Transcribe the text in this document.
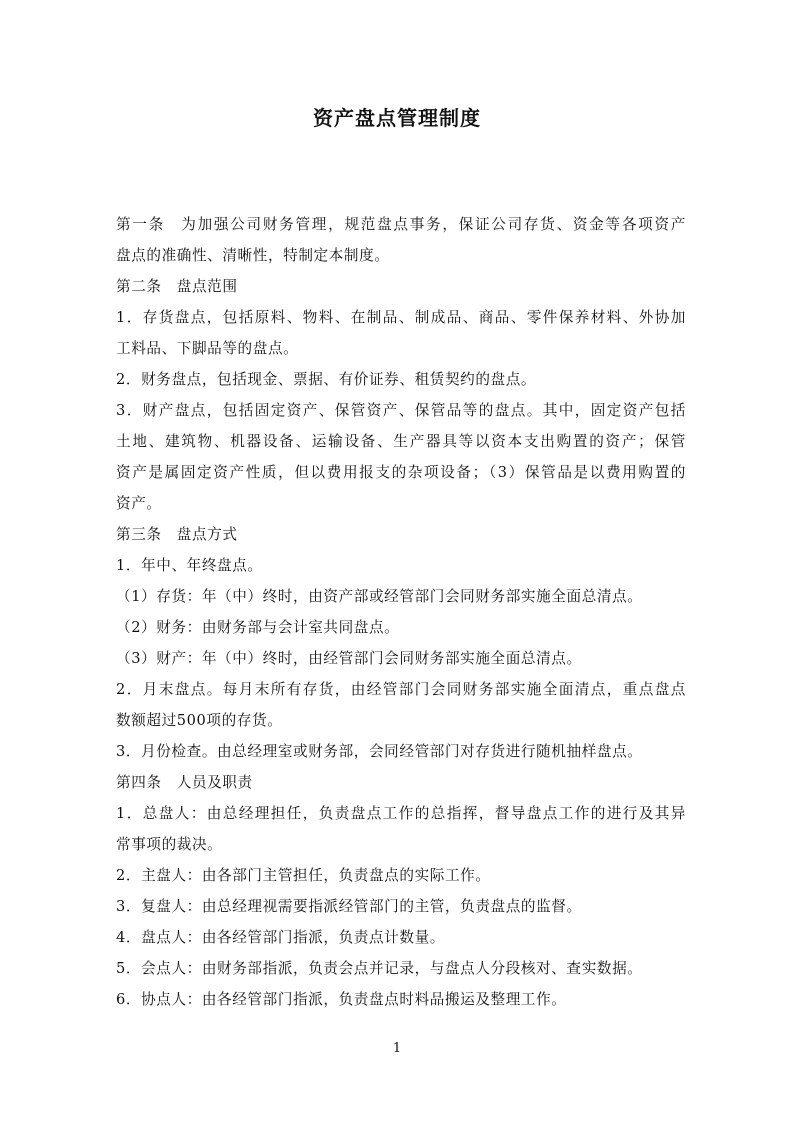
资产盘点管理制度
第一条　为加强公司财务管理，规范盘点事务，保证公司存货、资金等各项资产
盘点的准确性、清晰性，特制定本制度。
第二条　盘点范围
1．存货盘点，包括原料、物料、在制品、制成品、商品、零件保养材料、外协加
工料品、下脚品等的盘点。
2．财务盘点，包括现金、票据、有价证券、租赁契约的盘点。
3．财产盘点，包括固定资产、保管资产、保管品等的盘点。其中，固定资产包括
土地、建筑物、机器设备、运输设备、生产器具等以资本支出购置的资产；保管
资产是属固定资产性质，但以费用报支的杂项设备；（3）保管品是以费用购置的
资产。
第三条　盘点方式
1．年中、年终盘点。
（1）存货：年（中）终时，由资产部或经管部门会同财务部实施全面总清点。
（2）财务：由财务部与会计室共同盘点。
（3）财产：年（中）终时，由经管部门会同财务部实施全面总清点。
2．月末盘点。每月末所有存货，由经管部门会同财务部实施全面清点，重点盘点
数额超过500项的存货。
3．月份检查。由总经理室或财务部，会同经管部门对存货进行随机抽样盘点。
第四条　人员及职责
1．总盘人：由总经理担任，负责盘点工作的总指挥，督导盘点工作的进行及其异
常事项的裁决。
2．主盘人：由各部门主管担任，负责盘点的实际工作。
3．复盘人：由总经理视需要指派经管部门的主管，负责盘点的监督。
4．盘点人：由各经管部门指派，负责点计数量。
5．会点人：由财务部指派，负责会点并记录，与盘点人分段核对、查实数据。
6．协点人：由各经管部门指派，负责盘点时料品搬运及整理工作。
1
